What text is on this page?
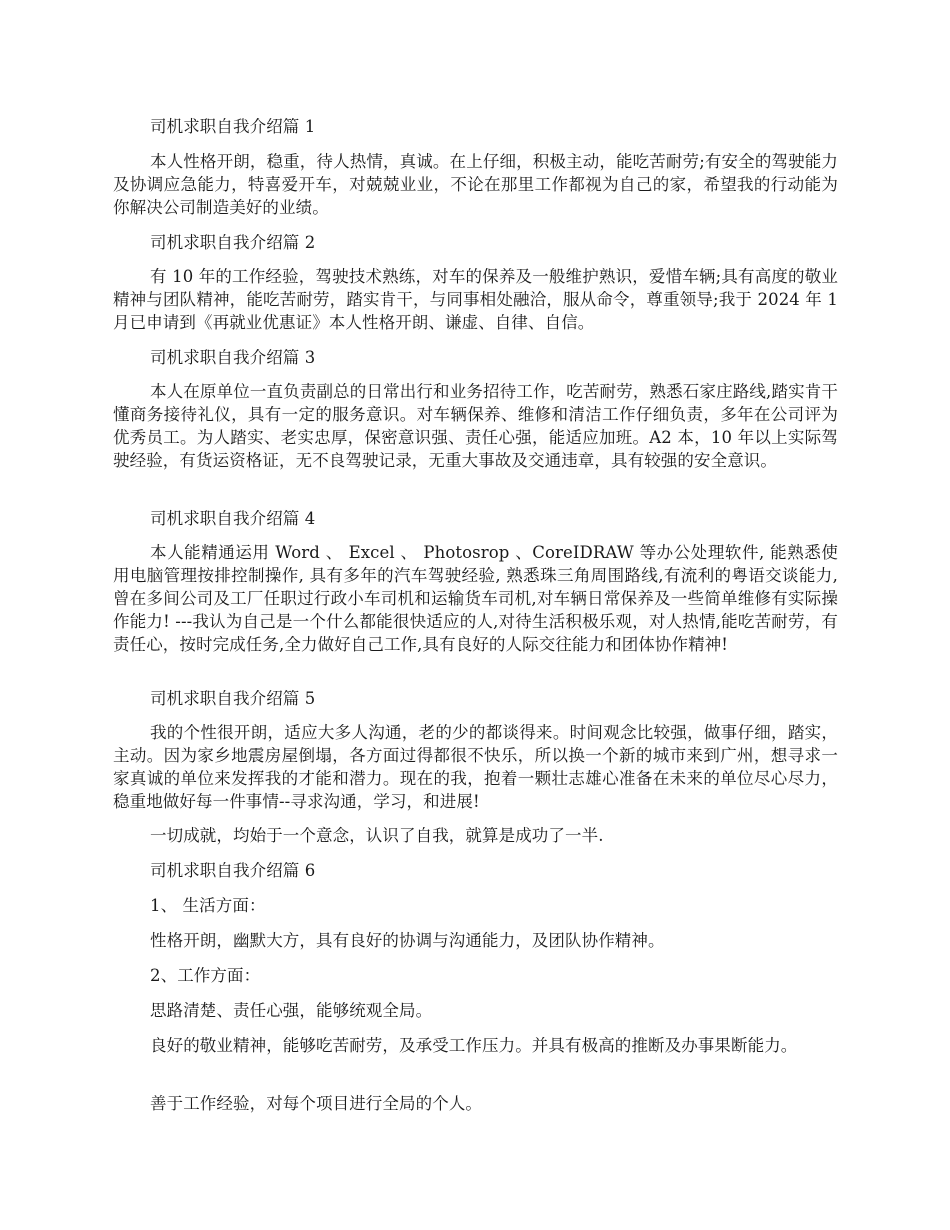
司机求职自我介绍篇 1

本人性格开朗，稳重，待人热情，真诚。在上仔细，积极主动，能吃苦耐劳;有安全的驾驶能力及协调应急能力，特喜爱开车，对兢兢业业，不论在那里工作都视为自己的家，希望我的行动能为你解决公司制造美好的业绩。

司机求职自我介绍篇 2

有 10 年的工作经验，驾驶技术熟练，对车的保养及一般维护熟识，爱惜车辆;具有高度的敬业精神与团队精神，能吃苦耐劳，踏实肯干，与同事相处融洽，服从命令，尊重领导;我于 2024 年 1 月已申请到《再就业优惠证》本人性格开朗、谦虚、自律、自信。

司机求职自我介绍篇 3

本人在原单位一直负责副总的日常出行和业务招待工作，吃苦耐劳，熟悉石家庄路线,踏实肯干懂商务接待礼仪，具有一定的服务意识。对车辆保养、维修和清洁工作仔细负责，多年在公司评为优秀员工。为人踏实、老实忠厚，保密意识强、责任心强，能适应加班。A2 本，10 年以上实际驾驶经验，有货运资格证，无不良驾驶记录，无重大事故及交通违章，具有较强的安全意识。

司机求职自我介绍篇 4

本人能精通运用 Word 、 Excel 、 Photosrop 、CoreIDRAW 等办公处理软件, 能熟悉使用电脑管理按排控制操作, 具有多年的汽车驾驶经验, 熟悉珠三角周围路线,有流利的粤语交谈能力,曾在多间公司及工厂任职过行政小车司机和运输货车司机,对车辆日常保养及一些简单维修有实际操作能力! ---我认为自己是一个什么都能很快适应的人,对待生活积极乐观，对人热情,能吃苦耐劳，有责任心，按时完成任务,全力做好自己工作,具有良好的人际交往能力和团体协作精神!

司机求职自我介绍篇 5

我的个性很开朗，适应大多人沟通，老的少的都谈得来。时间观念比较强，做事仔细，踏实，主动。因为家乡地震房屋倒塌，各方面过得都很不快乐，所以换一个新的城市来到广州，想寻求一家真诚的单位来发挥我的才能和潜力。现在的我，抱着一颗壮志雄心准备在未来的单位尽心尽力，稳重地做好每一件事情--寻求沟通，学习，和进展!

一切成就，均始于一个意念，认识了自我，就算是成功了一半.

司机求职自我介绍篇 6

1、 生活方面：

性格开朗，幽默大方，具有良好的协调与沟通能力，及团队协作精神。

2、工作方面：

思路清楚、责任心强，能够统观全局。

良好的敬业精神，能够吃苦耐劳，及承受工作压力。并具有极高的推断及办事果断能力。

善于工作经验，对每个项目进行全局的个人。
